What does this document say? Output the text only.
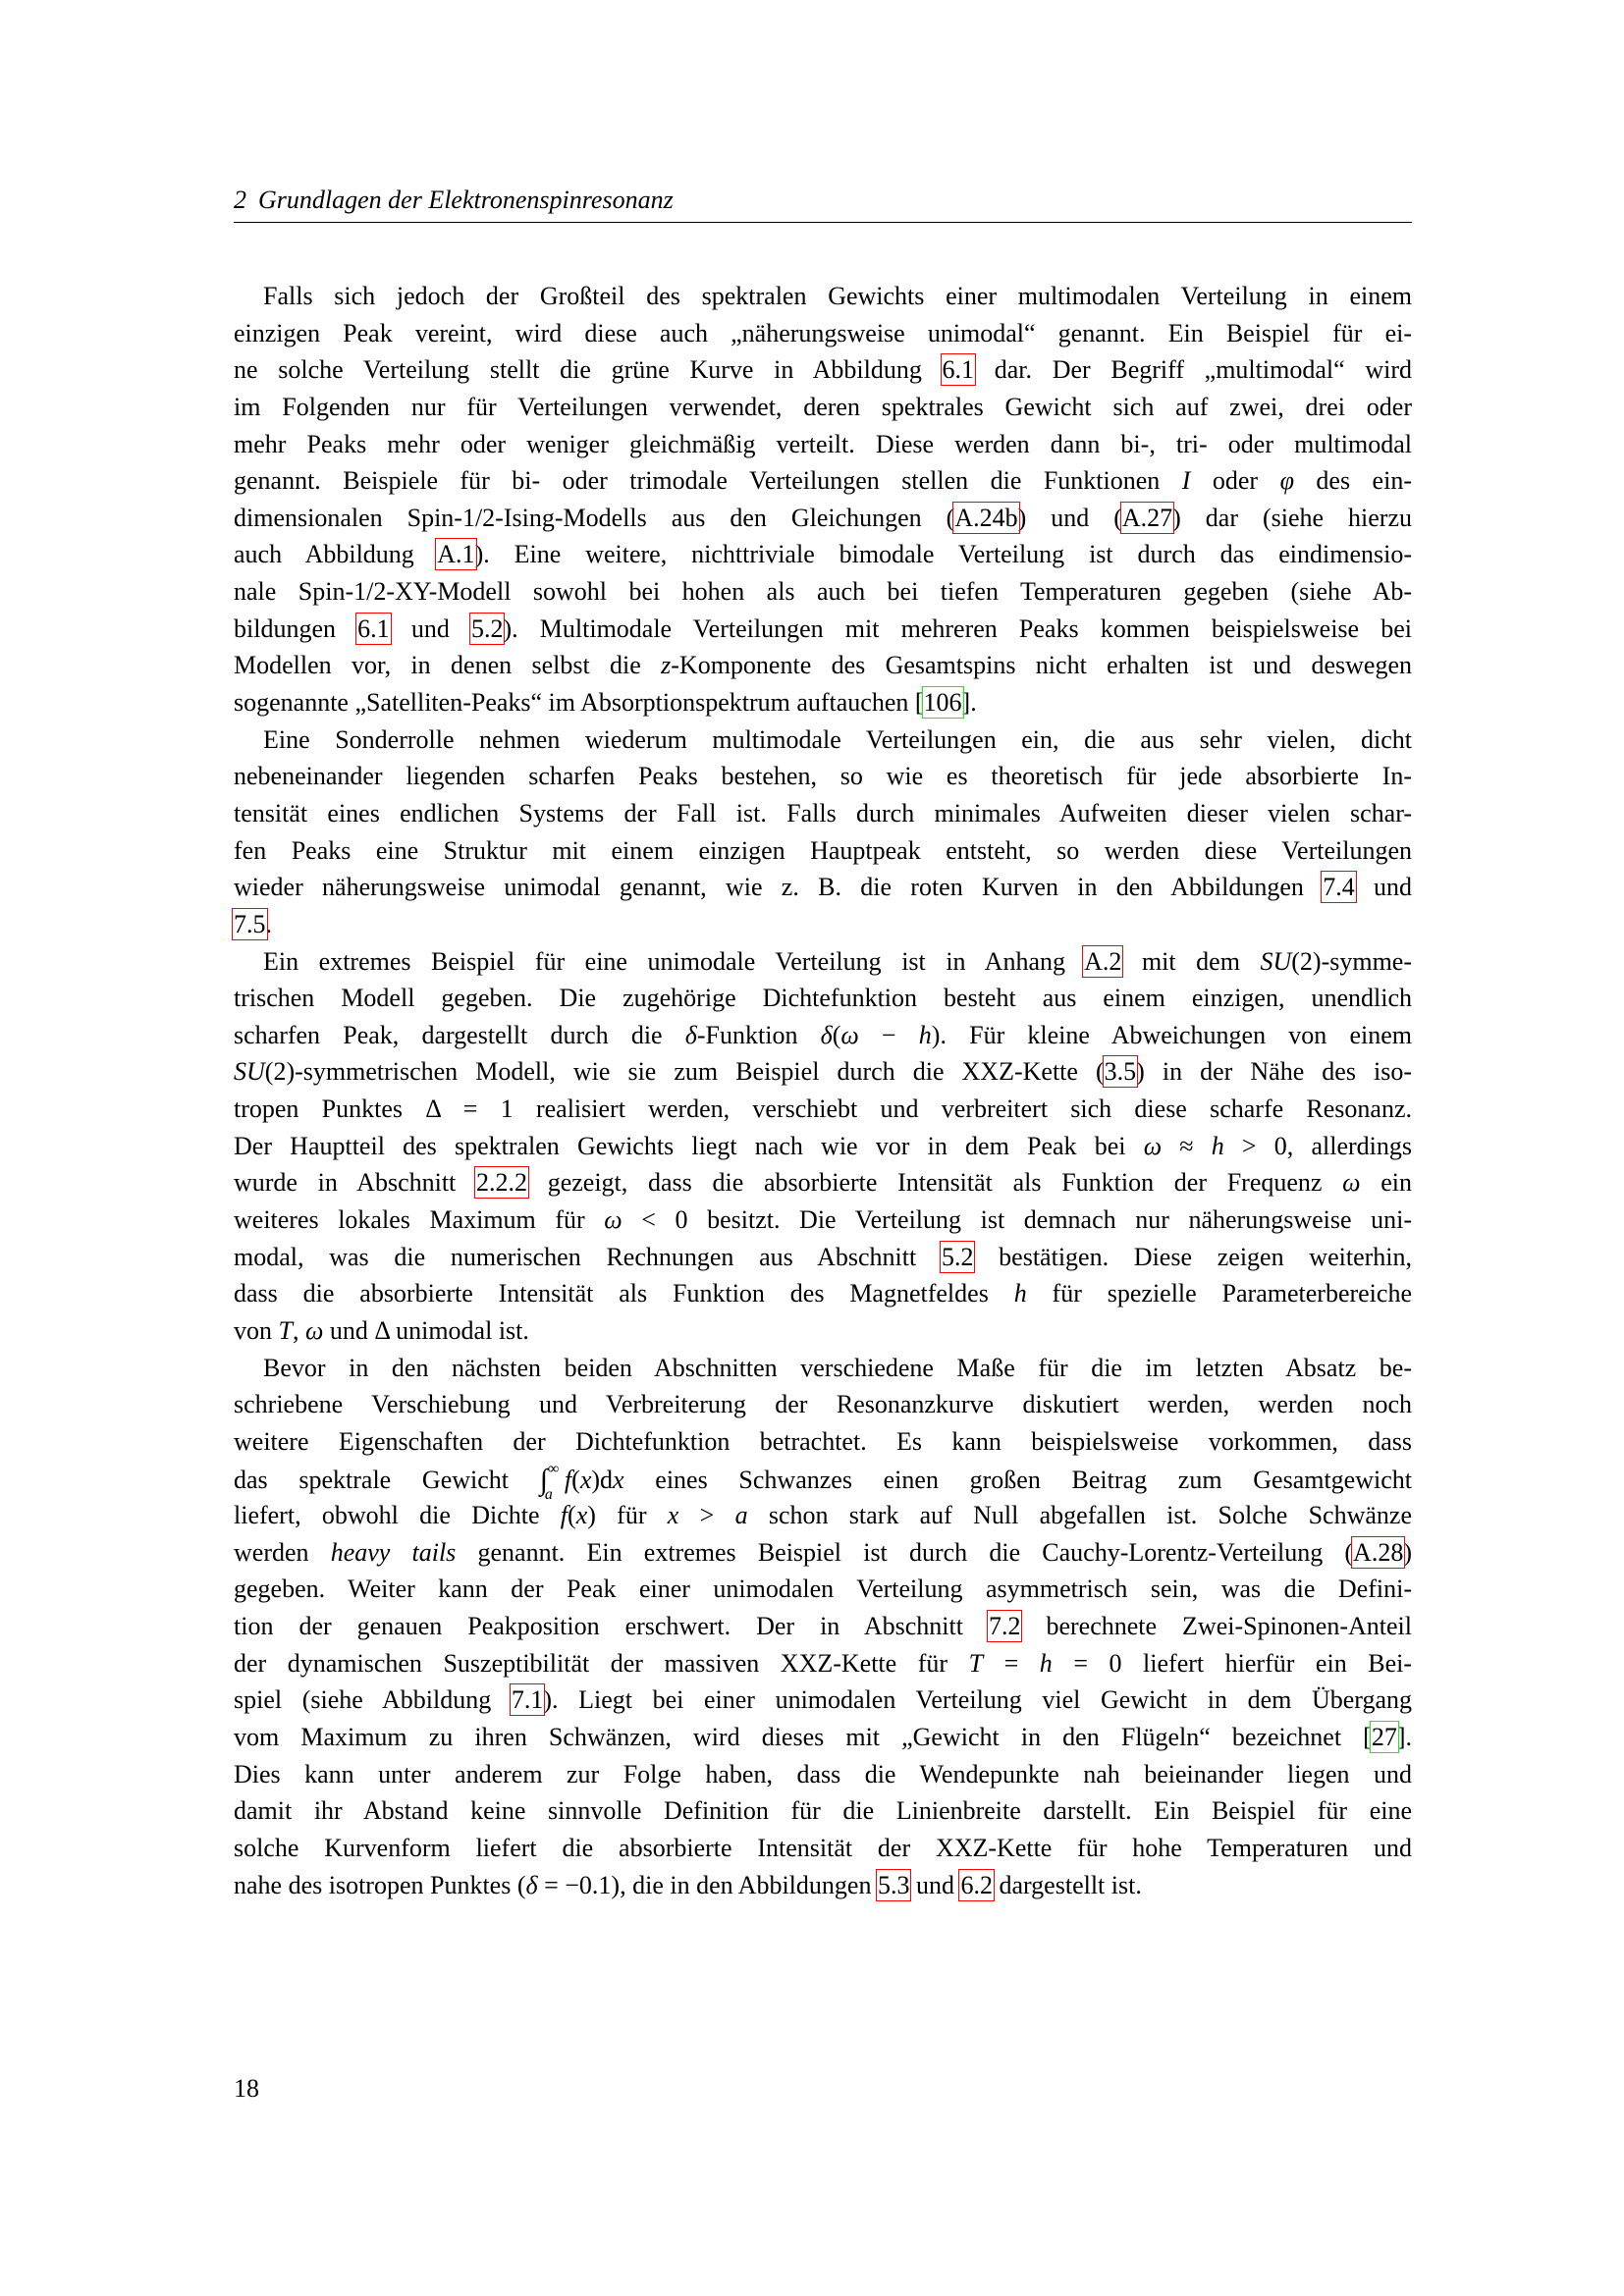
2 Grundlagen der Elektronenspinresonanz
Falls sich jedoch der Großteil des spektralen Gewichts einer multimodalen Verteilung in einem
einzigen Peak vereint, wird diese auch „näherungsweise unimodal“ genannt. Ein Beispiel für ei-
ne solche Verteilung stellt die grüne Kurve in Abbildung 6.1 dar. Der Begriff „multimodal“ wird
im Folgenden nur für Verteilungen verwendet, deren spektrales Gewicht sich auf zwei, drei oder
mehr Peaks mehr oder weniger gleichmäßig verteilt. Diese werden dann bi-, tri- oder multimodal
genannt. Beispiele für bi- oder trimodale Verteilungen stellen die Funktionen I oder φ des ein-
dimensionalen Spin-1/2-Ising-Modells aus den Gleichungen (A.24b) und (A.27) dar (siehe hierzu
auch Abbildung A.1). Eine weitere, nichttriviale bimodale Verteilung ist durch das eindimensio-
nale Spin-1/2-XY-Modell sowohl bei hohen als auch bei tiefen Temperaturen gegeben (siehe Ab-
bildungen 6.1 und 5.2). Multimodale Verteilungen mit mehreren Peaks kommen beispielsweise bei
Modellen vor, in denen selbst die z-Komponente des Gesamtspins nicht erhalten ist und deswegen
sogenannte „Satelliten-Peaks“ im Absorptionspektrum auftauchen [106].
Eine Sonderrolle nehmen wiederum multimodale Verteilungen ein, die aus sehr vielen, dicht
nebeneinander liegenden scharfen Peaks bestehen, so wie es theoretisch für jede absorbierte In-
tensität eines endlichen Systems der Fall ist. Falls durch minimales Aufweiten dieser vielen schar-
fen Peaks eine Struktur mit einem einzigen Hauptpeak entsteht, so werden diese Verteilungen
wieder näherungsweise unimodal genannt, wie z. B. die roten Kurven in den Abbildungen 7.4 und
7.5.
Ein extremes Beispiel für eine unimodale Verteilung ist in Anhang A.2 mit dem SU(2)-symme-
trischen Modell gegeben. Die zugehörige Dichtefunktion besteht aus einem einzigen, unendlich
scharfen Peak, dargestellt durch die δ-Funktion δ(ω − h). Für kleine Abweichungen von einem
SU(2)-symmetrischen Modell, wie sie zum Beispiel durch die XXZ-Kette (3.5) in der Nähe des iso-
tropen Punktes Δ = 1 realisiert werden, verschiebt und verbreitert sich diese scharfe Resonanz.
Der Hauptteil des spektralen Gewichts liegt nach wie vor in dem Peak bei ω ≈ h > 0, allerdings
wurde in Abschnitt 2.2.2 gezeigt, dass die absorbierte Intensität als Funktion der Frequenz ω ein
weiteres lokales Maximum für ω < 0 besitzt. Die Verteilung ist demnach nur näherungsweise uni-
modal, was die numerischen Rechnungen aus Abschnitt 5.2 bestätigen. Diese zeigen weiterhin,
dass die absorbierte Intensität als Funktion des Magnetfeldes h für spezielle Parameterbereiche
von T, ω und Δ unimodal ist.
Bevor in den nächsten beiden Abschnitten verschiedene Maße für die im letzten Absatz be-
schriebene Verschiebung und Verbreiterung der Resonanzkurve diskutiert werden, werden noch
weitere Eigenschaften der Dichtefunktion betrachtet. Es kann beispielsweise vorkommen, dass
das spektrale Gewicht ∫ ∞
a
f(x)dx eines Schwanzes einen großen Beitrag zum Gesamtgewicht
liefert, obwohl die Dichte f(x) für x > a schon stark auf Null abgefallen ist. Solche Schwänze
werden heavy tails genannt. Ein extremes Beispiel ist durch die Cauchy-Lorentz-Verteilung (A.28)
gegeben. Weiter kann der Peak einer unimodalen Verteilung asymmetrisch sein, was die Defini-
tion der genauen Peakposition erschwert. Der in Abschnitt 7.2 berechnete Zwei-Spinonen-Anteil
der dynamischen Suszeptibilität der massiven XXZ-Kette für T = h = 0 liefert hierfür ein Bei-
spiel (siehe Abbildung 7.1). Liegt bei einer unimodalen Verteilung viel Gewicht in dem Übergang
vom Maximum zu ihren Schwänzen, wird dieses mit „Gewicht in den Flügeln“ bezeichnet [27].
Dies kann unter anderem zur Folge haben, dass die Wendepunkte nah beieinander liegen und
damit ihr Abstand keine sinnvolle Definition für die Linienbreite darstellt. Ein Beispiel für eine
solche Kurvenform liefert die absorbierte Intensität der XXZ-Kette für hohe Temperaturen und
nahe des isotropen Punktes (δ = −0.1), die in den Abbildungen 5.3 und 6.2 dargestellt ist.
18
